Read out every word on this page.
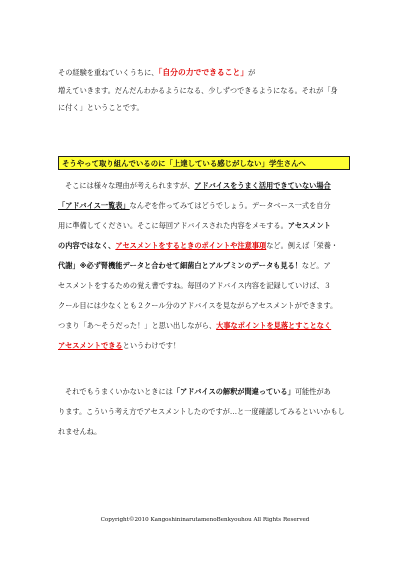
その経験を重ねていくうちに、「自分の力でできること」が
増えていきます。だんだんわかるようになる、少しずつできるようになる。それが「身
に付く」ということです。
そうやって取り組んでいるのに「上達している感じがしない」学生さんへ
そこには様々な理由が考えられますが、アドバイスをうまく活用できていない場合
「アドバイス一覧表」なんぞを作ってみてはどうでしょう。データベース一式を自分
用に準備してください。そこに毎回アドバイスされた内容をメモする。アセスメント
の内容ではなく、アセスメントをするときのポイントや注意事項など。例えば「栄養・
代謝」※必ず腎機能データと合わせて細菌白とアルブミンのデータも見る！など。ア
セスメントをするための覚え書ですね。毎回のアドバイス内容を記録していけば、３
クール目には少なくとも２クール分のアドバイスを見ながらアセスメントができます。
つまり「あ〜そうだった！」と思い出しながら、大事なポイントを見落とすことなく
アセスメントできるというわけです！
それでもうまくいかないときには「アドバイスの解釈が間違っている」可能性があ
ります。こういう考え方でアセスメントしたのですが…と一度確認してみるといいかもし
れませんね。
Copyright©2010 KangoshininarutamenoBenkyouhou All Rights Reserved
